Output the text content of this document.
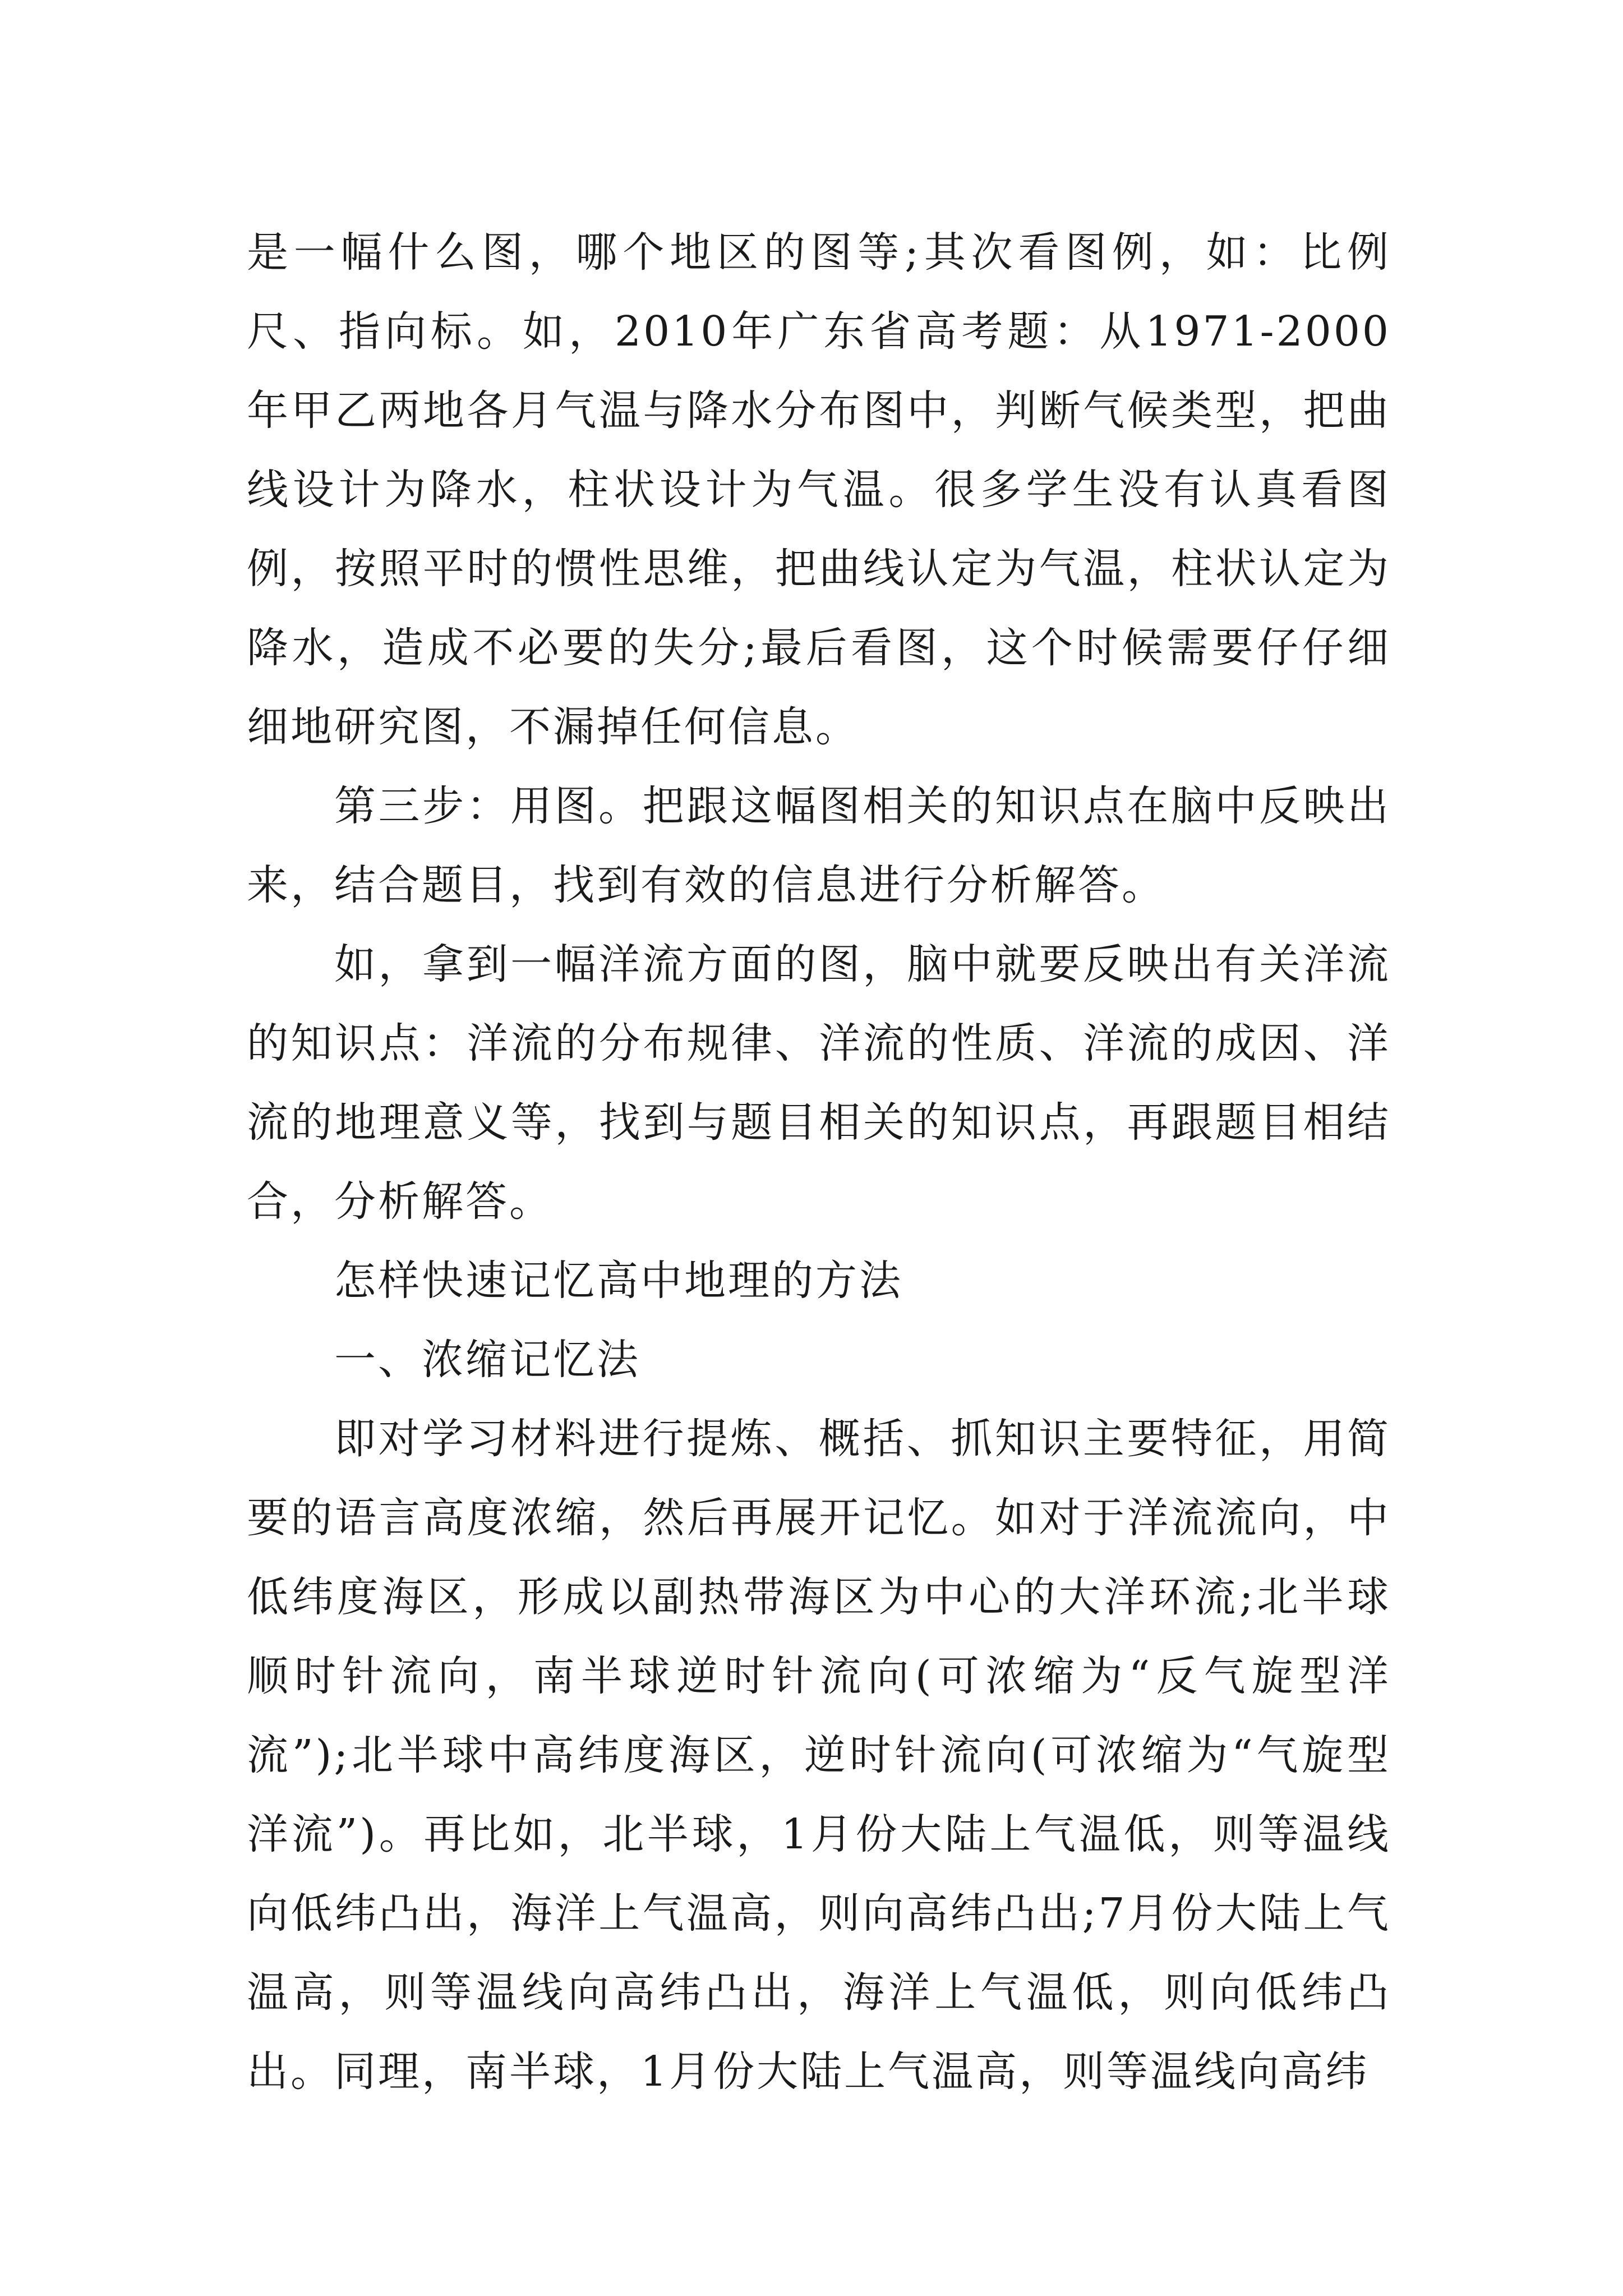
是一幅什么图，哪个地区的图等;其次看图例，如：比例尺、指向标。如，2010年广东省高考题：从1971-2000年甲乙两地各月气温与降水分布图中，判断气候类型，把曲线设计为降水，柱状设计为气温。很多学生没有认真看图例，按照平时的惯性思维，把曲线认定为气温，柱状认定为降水，造成不必要的失分;最后看图，这个时候需要仔仔细细地研究图，不漏掉任何信息。

第三步：用图。把跟这幅图相关的知识点在脑中反映出来，结合题目，找到有效的信息进行分析解答。

如，拿到一幅洋流方面的图，脑中就要反映出有关洋流的知识点：洋流的分布规律、洋流的性质、洋流的成因、洋流的地理意义等，找到与题目相关的知识点，再跟题目相结合，分析解答。

怎样快速记忆高中地理的方法

一、浓缩记忆法

即对学习材料进行提炼、概括、抓知识主要特征，用简要的语言高度浓缩，然后再展开记忆。如对于洋流流向，中低纬度海区，形成以副热带海区为中心的大洋环流;北半球顺时针流向，南半球逆时针流向(可浓缩为“反气旋型洋流”);北半球中高纬度海区，逆时针流向(可浓缩为“气旋型洋流”)。再比如，北半球，1月份大陆上气温低，则等温线向低纬凸出，海洋上气温高，则向高纬凸出;7月份大陆上气温高，则等温线向高纬凸出，海洋上气温低，则向低纬凸出。同理，南半球，1月份大陆上气温高，则等温线向高纬
